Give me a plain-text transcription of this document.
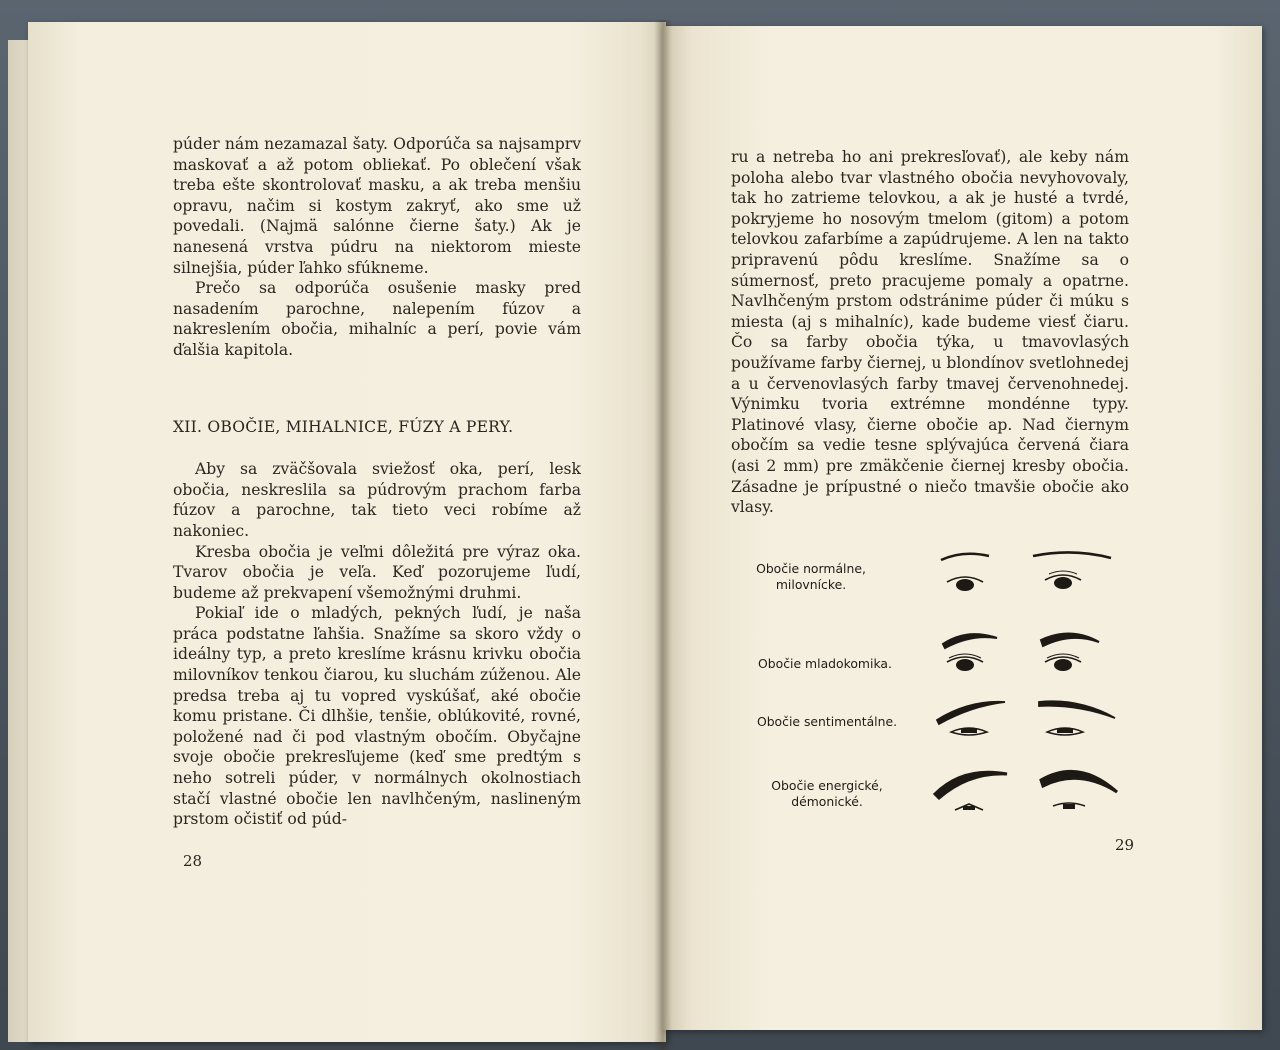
púder nám nezamazal šaty. Odporúča sa najsamprv maskovať a až potom obliekať. Po oblečení však treba ešte skontrolovať masku, a ak treba menšiu opravu, načim si kostym zakryť, ako sme už povedali. (Najmä salónne čierne šaty.) Ak je nanesená vrstva púdru na niektorom mieste silnejšia, púder ľahko sfúkneme.

Prečo sa odporúča osušenie masky pred nasadením parochne, nalepením fúzov a nakreslením obočia, mihalníc a perí, povie vám ďalšia kapitola.

XII. OBOČIE, MIHALNICE, FÚZY A PERY.

Aby sa zväčšovala sviežosť oka, perí, lesk obočia, neskreslila sa púdrovým prachom farba fúzov a parochne, tak tieto veci robíme až nakoniec.

Kresba obočia je veľmi dôležitá pre výraz oka. Tvarov obočia je veľa. Keď pozorujeme ľudí, budeme až prekvapení všemožnými druhmi.

Pokiaľ ide o mladých, pekných ľudí, je naša práca podstatne ľahšia. Snažíme sa skoro vždy o ideálny typ, a preto kreslíme krásnu krivku obočia milovníkov tenkou čiarou, ku sluchám zúženou. Ale predsa treba aj tu vopred vyskúšať, aké obočie komu pristane. Či dlhšie, tenšie, oblúkovité, rovné, položené nad či pod vlastným obočím. Obyčajne svoje obočie prekresľujeme (keď sme predtým s neho sotreli púder, v normálnych okolnostiach stačí vlastné obočie len navlhčeným, naslineným prstom očistiť od púd-

28

ru a netreba ho ani prekresľovať), ale keby nám poloha alebo tvar vlastného obočia nevyhovovaly, tak ho zatrieme telovkou, a ak je husté a tvrdé, pokryjeme ho nosovým tmelom (gitom) a potom telovkou zafarbíme a zapúdrujeme. A len na takto pripravenú pôdu kreslíme. Snažíme sa o súmernosť, preto pracujeme pomaly a opatrne. Navlhčeným prstom odstránime púder či múku s miesta (aj s mihalníc), kade budeme viesť čiaru. Čo sa farby obočia týka, u tmavovlasých používame farby čiernej, u blondínov svetlohnedej a u červenovlasých farby tmavej červenohnedej. Výnimku tvoria extrémne mondénne typy. Platinové vlasy, čierne obočie ap. Nad čiernym obočím sa vedie tesne splývajúca červená čiara (asi 2 mm) pre zmäkčenie čiernej kresby obočia. Zásadne je prípustné o niečo tmavšie obočie ako vlasy.

Obočie normálne, milovnícke.
Obočie mladokomika.
Obočie sentimentálne.
Obočie energické, démonické.
29
